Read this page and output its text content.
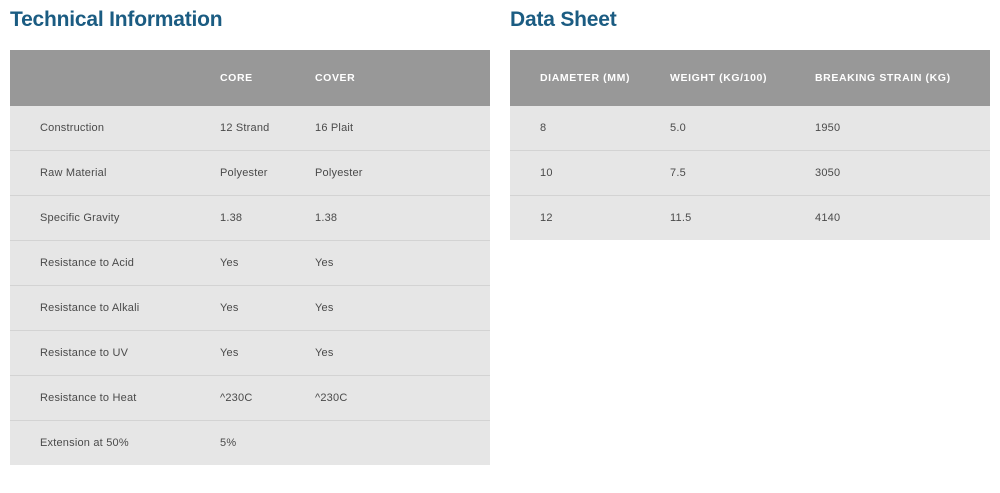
Technical Information
	CORE	COVER
Construction	12 Strand	16 Plait
Raw Material	Polyester	Polyester
Specific Gravity	1.38	1.38
Resistance to Acid	Yes	Yes
Resistance to Alkali	Yes	Yes
Resistance to UV	Yes	Yes
Resistance to Heat	^230C	^230C
Extension at 50%	5%	
Data Sheet
DIAMETER (MM)	WEIGHT (KG/100)	BREAKING STRAIN (KG)
8	5.0	1950
10	7.5	3050
12	11.5	4140
